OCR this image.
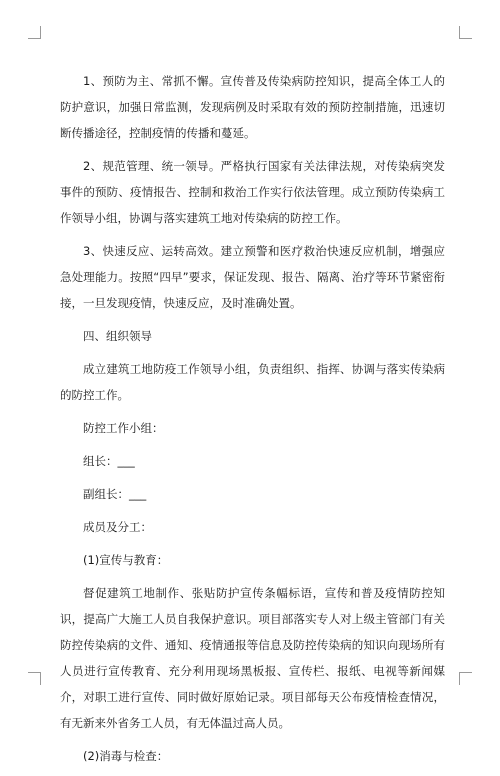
1、预防为主、常抓不懈。宣传普及传染病防控知识，提高全体工人的防护意识，加强日常监测，发现病例及时采取有效的预防控制措施，迅速切断传播途径，控制疫情的传播和蔓延。

2、规范管理、统一领导。严格执行国家有关法律法规，对传染病突发事件的预防、疫情报告、控制和救治工作实行依法管理。成立预防传染病工作领导小组，协调与落实建筑工地对传染病的防控工作。

3、快速反应、运转高效。建立预警和医疗救治快速反应机制，增强应急处理能力。按照“四早”要求，保证发现、报告、隔离、治疗等环节紧密衔接，一旦发现疫情，快速反应，及时准确处置。

四、组织领导

成立建筑工地防疫工作领导小组，负责组织、指挥、协调与落实传染病的防控工作。

防控工作小组：

组长：___

副组长：___

成员及分工：

(1)宣传与教育：

督促建筑工地制作、张贴防护宣传条幅标语，宣传和普及疫情防控知识，提高广大施工人员自我保护意识。项目部落实专人对上级主管部门有关防控传染病的文件、通知、疫情通报等信息及防控传染病的知识向现场所有人员进行宣传教育、充分利用现场黑板报、宣传栏、报纸、电视等新闻媒介，对职工进行宣传、同时做好原始记录。项目部每天公布疫情检查情况，有无新来外省务工人员，有无体温过高人员。

(2)消毒与检查：
